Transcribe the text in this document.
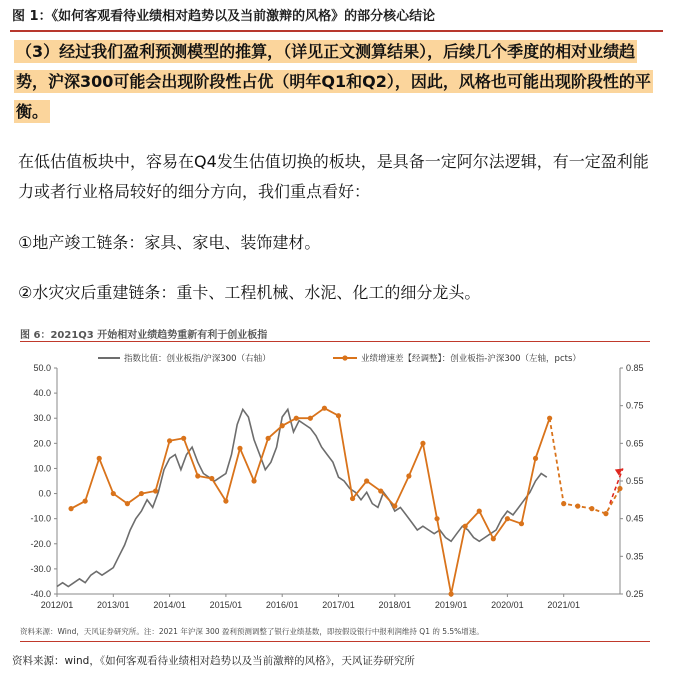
图 1：《如何客观看待业绩相对趋势以及当前激辩的风格》的部分核心结论
（3）经过我们盈利预测模型的推算，（详见正文测算结果），后续几个季度的相对业绩趋势，沪深300可能会出现阶段性占优（明年Q1和Q2），因此，风格也可能出现阶段性的平衡。
在低估值板块中，容易在Q4发生估值切换的板块，是具备一定阿尔法逻辑，有一定盈利能力或者行业格局较好的细分方向，我们重点看好：
①地产竣工链条：家具、家电、装饰建材。
②水灾灾后重建链条：重卡、工程机械、水泥、化工的细分龙头。
图 6：2021Q3 开始相对业绩趋势重新有利于创业板指
50.0
40.0
30.0
20.0
10.0
0.0
-10.0
-20.0
-30.0
-40.0
0.85
0.75
0.65
0.55
0.45
0.35
0.25
2012/01	2013/01	2014/01	2015/01	2016/01	2017/01	2018/01	2019/01	2020/01	2021/01
指数比值：创业板指/沪深300（右轴）	业绩增速差【经调整】：创业板指-沪深300（左轴，pcts）
资料来源：Wind，天风证券研究所。注：2021 年沪深 300 盈利预测调整了银行业绩基数，即按假设银行中报利润维持 Q1 的 5.5%增速。
资料来源：wind，《如何客观看待业绩相对趋势以及当前激辩的风格》，天风证券研究所
